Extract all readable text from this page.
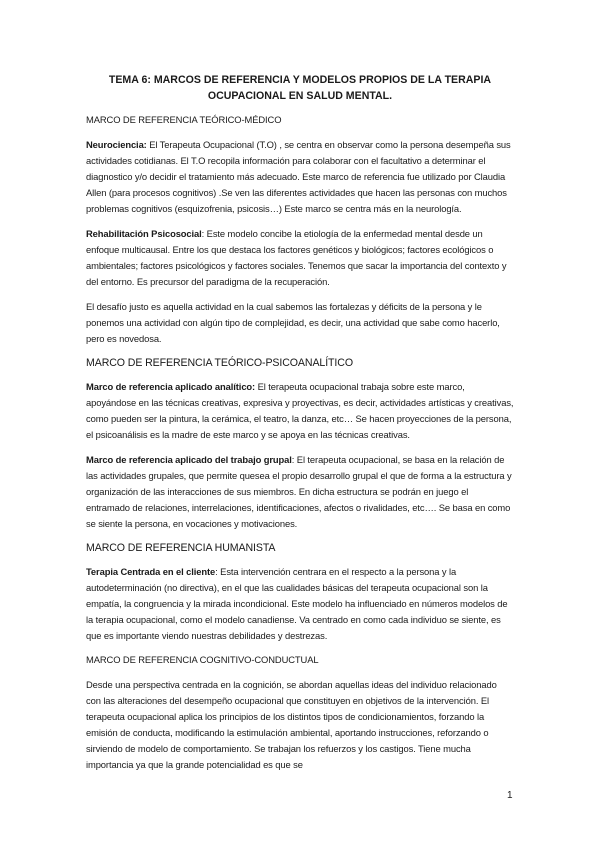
TEMA 6: MARCOS DE REFERENCIA Y MODELOS PROPIOS DE LA TERAPIA
OCUPACIONAL EN SALUD MENTAL.
MARCO DE REFERENCIA TEÓRICO-MÉDICO

Neurociencia: El Terapeuta Ocupacional (T.O) , se centra en observar como la persona desempeña sus actividades cotidianas. El T.O recopila información para colaborar con el facultativo a determinar el diagnostico y/o decidir el tratamiento más adecuado. Este marco de referencia fue utilizado por Claudia Allen (para procesos cognitivos) .Se ven las diferentes actividades que hacen las personas con muchos problemas cognitivos (esquizofrenia, psicosis…) Este marco se centra más en la neurología.

Rehabilitación Psicosocial: Este modelo concibe la etiología de la enfermedad mental desde un enfoque multicausal. Entre los que destaca los factores genéticos y biológicos; factores ecológicos o ambientales; factores psicológicos y factores sociales. Tenemos que sacar la importancia del contexto y del entorno. Es precursor del paradigma de la recuperación.

El desafío justo es aquella actividad en la cual sabemos las fortalezas y déficits de la persona y le ponemos una actividad con algún tipo de complejidad, es decir, una actividad que sabe como hacerlo, pero es novedosa.

MARCO DE REFERENCIA TEÓRICO-PSICOANALÍTICO

Marco de referencia aplicado analítico: El terapeuta ocupacional trabaja sobre este marco, apoyándose en las técnicas creativas, expresiva y proyectivas, es decir, actividades artísticas y creativas, como pueden ser la pintura, la cerámica, el teatro, la danza, etc… Se hacen proyecciones de la persona, el psicoanálisis es la madre de este marco y se apoya en las técnicas creativas.

Marco de referencia aplicado del trabajo grupal: El terapeuta ocupacional, se basa en la relación de las actividades grupales, que permite quesea el propio desarrollo grupal el que de forma a la estructura y organización de las interacciones de sus miembros. En dicha estructura se podrán en juego el entramado de relaciones, interrelaciones, identificaciones, afectos o rivalidades, etc…. Se basa en como se siente la persona, en vocaciones y motivaciones.

MARCO DE REFERENCIA HUMANISTA

Terapia Centrada en el cliente: Esta intervención centrara en el respecto a la persona y la autodeterminación (no directiva), en el que las cualidades básicas del terapeuta ocupacional son la empatía, la congruencia y la mirada incondicional. Este modelo ha influenciado en números modelos de la terapia ocupacional, como el modelo canadiense. Va centrado en como cada individuo se siente, es que es importante viendo nuestras debilidades y destrezas.

MARCO DE REFERENCIA COGNITIVO-CONDUCTUAL

Desde una perspectiva centrada en la cognición, se abordan aquellas ideas del individuo relacionado con las alteraciones del desempeño ocupacional que constituyen en objetivos de la intervención. El terapeuta ocupacional aplica los principios de los distintos tipos de condicionamientos, forzando la emisión de conducta, modificando la estimulación ambiental, aportando instrucciones, reforzando o sirviendo de modelo de comportamiento. Se trabajan los refuerzos y los castigos. Tiene mucha importancia ya que la grande potencialidad es que se

1
